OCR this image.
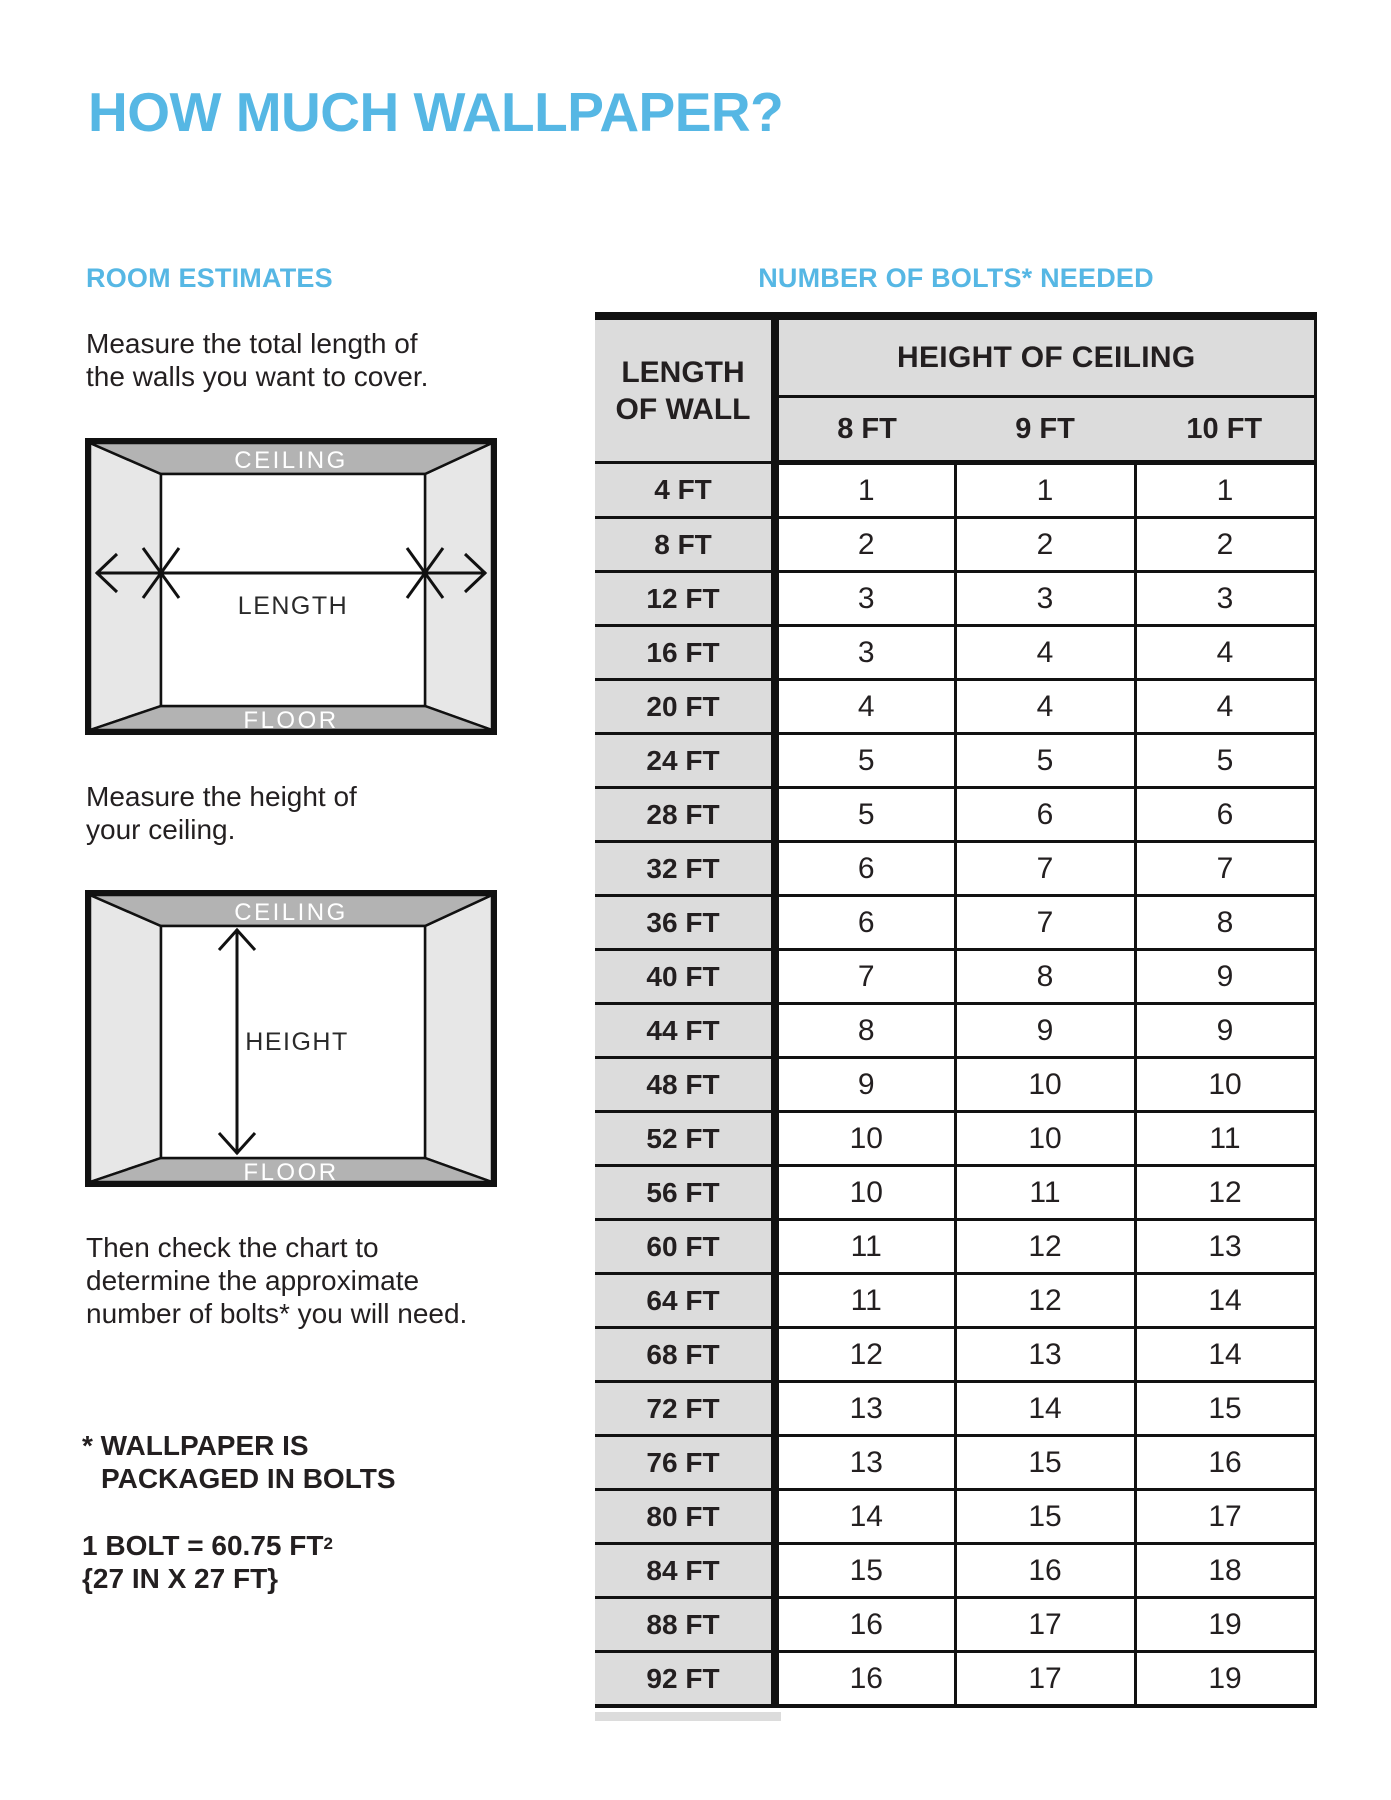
HOW MUCH WALLPAPER?
ROOM ESTIMATES
Measure the total length of
the walls you want to cover.
CEILING
LENGTH
FLOOR
Measure the height of
your ceiling.
CEILING
HEIGHT
FLOOR
Then check the chart to
determine the approximate
number of bolts* you will need.
* WALLPAPER IS
PACKAGED IN BOLTS
1 BOLT = 60.75 $FT^2$
{27 IN X 27 FT}
NUMBER OF BOLTS* NEEDED
LENGTH
OF WALL	HEIGHT OF CEILING		
	8 FT	9 FT	10 FT
4 FT	1	1	1
8 FT	2	2	2
12 FT	3	3	3
16 FT	3	4	4
20 FT	4	4	4
24 FT	5	5	5
28 FT	5	6	6
32 FT	6	7	7
36 FT	6	7	8
40 FT	7	8	9
44 FT	8	9	9
48 FT	9	10	10
52 FT	10	10	11
56 FT	10	11	12
60 FT	11	12	13
64 FT	11	12	14
68 FT	12	13	14
72 FT	13	14	15
76 FT	13	15	16
80 FT	14	15	17
84 FT	15	16	18
88 FT	16	17	19
92 FT	16	17	19
